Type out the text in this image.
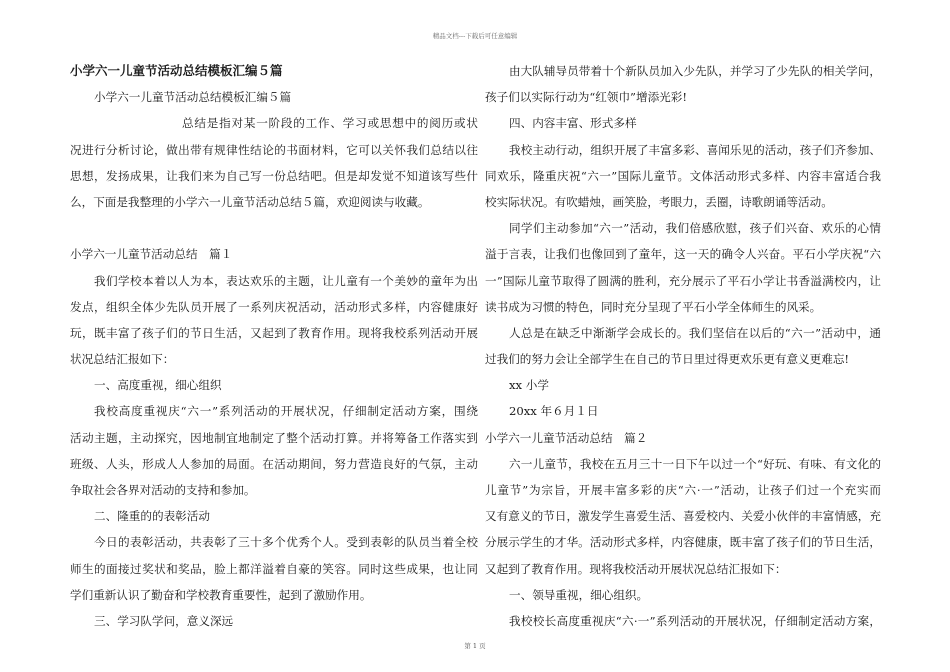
精品文档---下载后可任意编辑
小学六一儿童节活动总结模板汇编５篇
小学六一儿童节活动总结模板汇编５篇
总结是指对某一阶段的工作、学习或思想中的阅历或状
况进行分析讨论，做出带有规律性结论的书面材料，它可以关怀我们总结以往
思想，发扬成果，让我们来为自己写一份总结吧。但是却发觉不知道该写些什
么，下面是我整理的小学六一儿童节活动总结５篇，欢迎阅读与收藏。
小学六一儿童节活动总结　篇１
我们学校本着以人为本，表达欢乐的主题，让儿童有一个美妙的童年为出
发点，组织全体少先队员开展了一系列庆祝活动，活动形式多样，内容健康好
玩，既丰富了孩子们的节日生活，又起到了教育作用。现将我校系列活动开展
状况总结汇报如下：
一、高度重视，细心组织
我校高度重视庆“六一”系列活动的开展状况，仔细制定活动方案，围绕
活动主题，主动探究，因地制宜地制定了整个活动打算。并将筹备工作落实到
班级、人头，形成人人参加的局面。在活动期间，努力营造良好的气氛，主动
争取社会各界对活动的支持和参加。
二、隆重的的表彰活动
今日的表彰活动，共表彰了三十多个优秀个人。受到表彰的队员当着全校
师生的面接过奖状和奖品，脸上都洋溢着自豪的笑容。同时这些成果，也让同
学们重新认识了勤奋和学校教育重要性，起到了激励作用。
三、学习队学问，意义深远
由大队辅导员带着十个新队员加入少先队，并学习了少先队的相关学问，
孩子们以实际行动为“红领巾”增添光彩!
四、内容丰富、形式多样
我校主动行动，组织开展了丰富多彩、喜闻乐见的活动，孩子们齐参加、
同欢乐，隆重庆祝“六一”国际儿童节。文体活动形式多样、内容丰富适合我
校实际状况。有吹蜡烛，画笑脸，考眼力，丢圈，诗歌朗诵等活动。
同学们主动参加“六一”活动，我们倍感欣慰，孩子们兴奋、欢乐的心情
溢于言表，让我们也像回到了童年，这一天的确令人兴奋。平石小学庆祝“六
一”国际儿童节取得了圆满的胜利，充分展示了平石小学让书香溢满校内，让
读书成为习惯的特色，同时充分呈现了平石小学全体师生的风采。
人总是在缺乏中渐渐学会成长的。我们坚信在以后的“六一”活动中，通
过我们的努力会让全部学生在自己的节日里过得更欢乐更有意义更难忘!
xx 小学
20xx 年６月１日
小学六一儿童节活动总结　篇２
六一儿童节，我校在五月三十一日下午以过一个“好玩、有味、有文化的
儿童节”为宗旨，开展丰富多彩的庆“六·一”活动，让孩子们过一个充实而
又有意义的节日，激发学生喜爱生活、喜爱校内、关爱小伙伴的丰富情感，充
分展示学生的才华。活动形式多样，内容健康，既丰富了孩子们的节日生活，
又起到了教育作用。现将我校活动开展状况总结汇报如下：
一、领导重视，细心组织。
我校校长高度重视庆“六·一”系列活动的开展状况，仔细制定活动方案，
第 1 页
